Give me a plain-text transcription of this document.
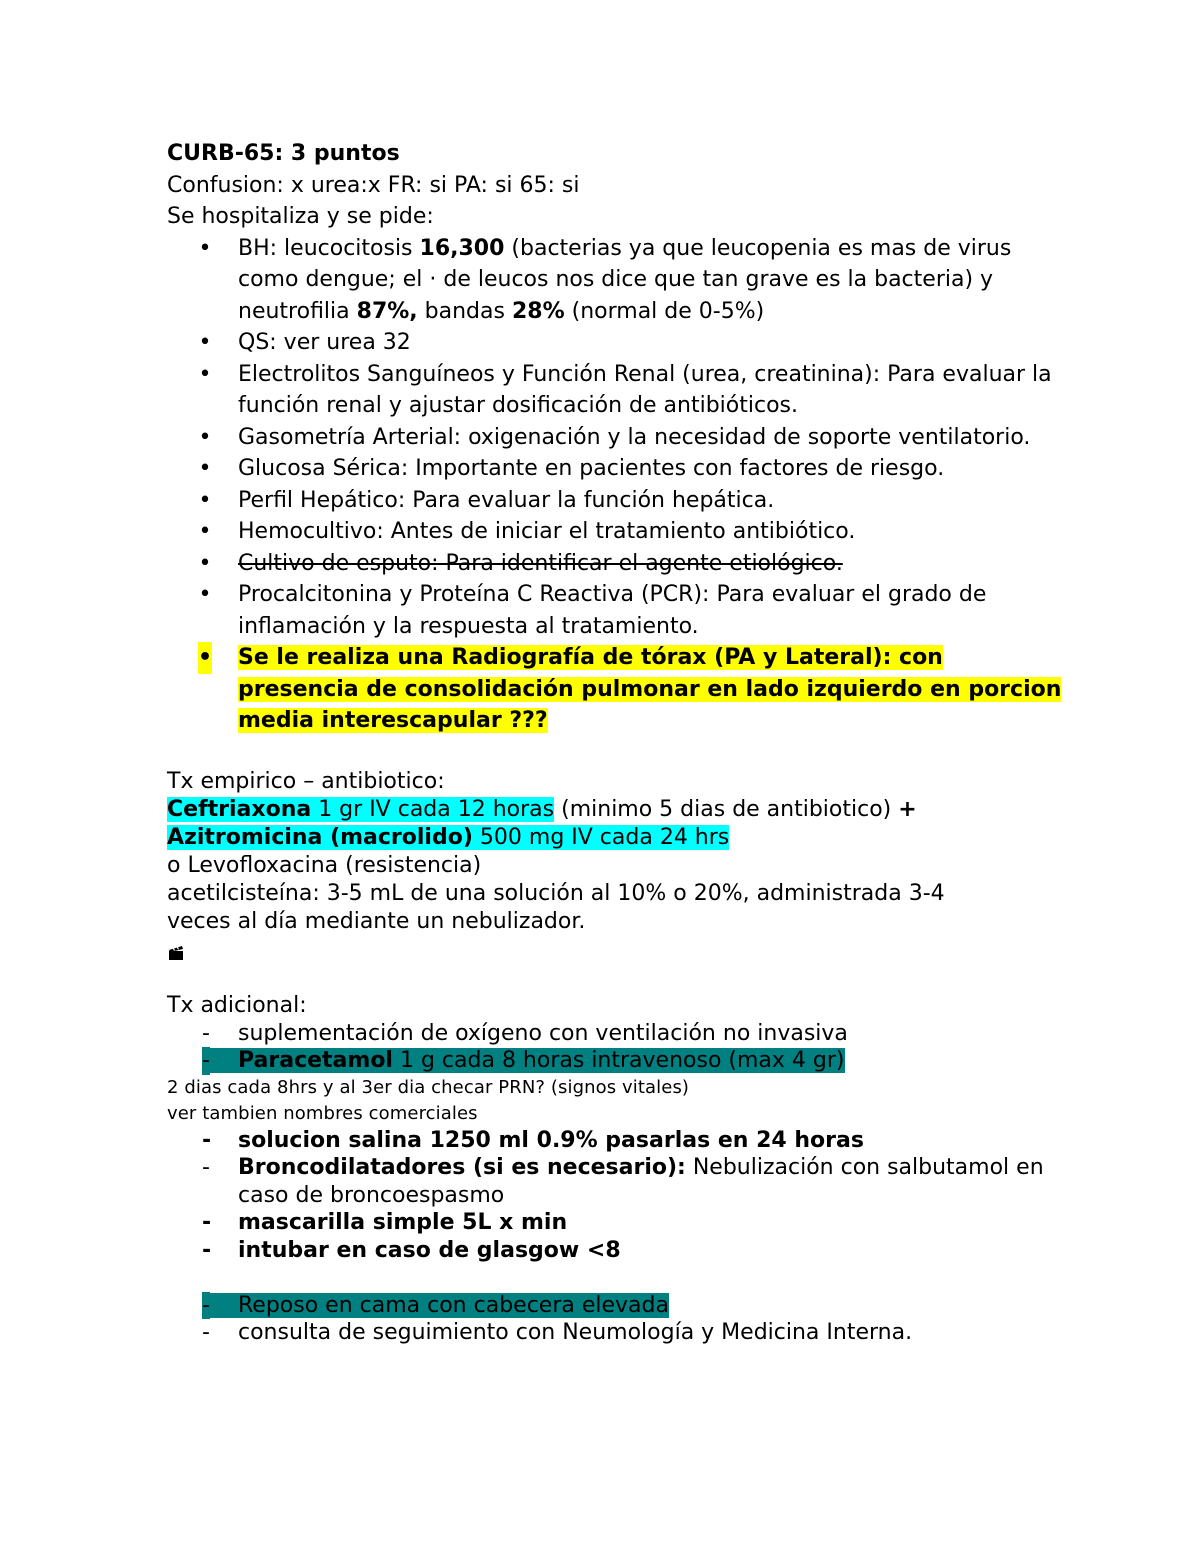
CURB-65: 3 puntos
Confusion: x urea:x FR: si PA: si 65: si
Se hospitaliza y se pide:
• BH: leucocitosis 16,300 (bacterias ya que leucopenia es mas de virus como dengue; el · de leucos nos dice que tan grave es la bacteria) y neutrofilia 87%, bandas 28% (normal de 0-5%)
• QS: ver urea 32
• Electrolitos Sanguíneos y Función Renal (urea, creatinina): Para evaluar la función renal y ajustar dosificación de antibióticos.
• Gasometría Arterial: oxigenación y la necesidad de soporte ventilatorio.
• Glucosa Sérica: Importante en pacientes con factores de riesgo.
• Perfil Hepático: Para evaluar la función hepática.
• Hemocultivo: Antes de iniciar el tratamiento antibiótico.
• Cultivo de esputo: Para identificar el agente etiológico.
• Procalcitonina y Proteína C Reactiva (PCR): Para evaluar el grado de inflamación y la respuesta al tratamiento.
• Se le realiza una Radiografía de tórax (PA y Lateral): con presencia de consolidación pulmonar en lado izquierdo en porcion media interescapular ???
Tx empirico – antibiotico:
Ceftriaxona 1 gr IV cada 12 horas (minimo 5 dias de antibiotico) +
Azitromicina (macrolido) 500 mg IV cada 24 hrs
o Levofloxacina (resistencia)
acetilcisteína: 3-5 mL de una solución al 10% o 20%, administrada 3-4
veces al día mediante un nebulizador.
Tx adicional:
- suplementación de oxígeno con ventilación no invasiva
- Paracetamol 1 g cada 8 horas intravenoso (max 4 gr)
2 dias cada 8hrs y al 3er dia checar PRN? (signos vitales)
ver tambien nombres comerciales
- solucion salina 1250 ml 0.9% pasarlas en 24 horas
- Broncodilatadores (si es necesario): Nebulización con salbutamol en caso de broncoespasmo
- mascarilla simple 5L x min
- intubar en caso de glasgow <8
- Reposo en cama con cabecera elevada
- consulta de seguimiento con Neumología y Medicina Interna.
